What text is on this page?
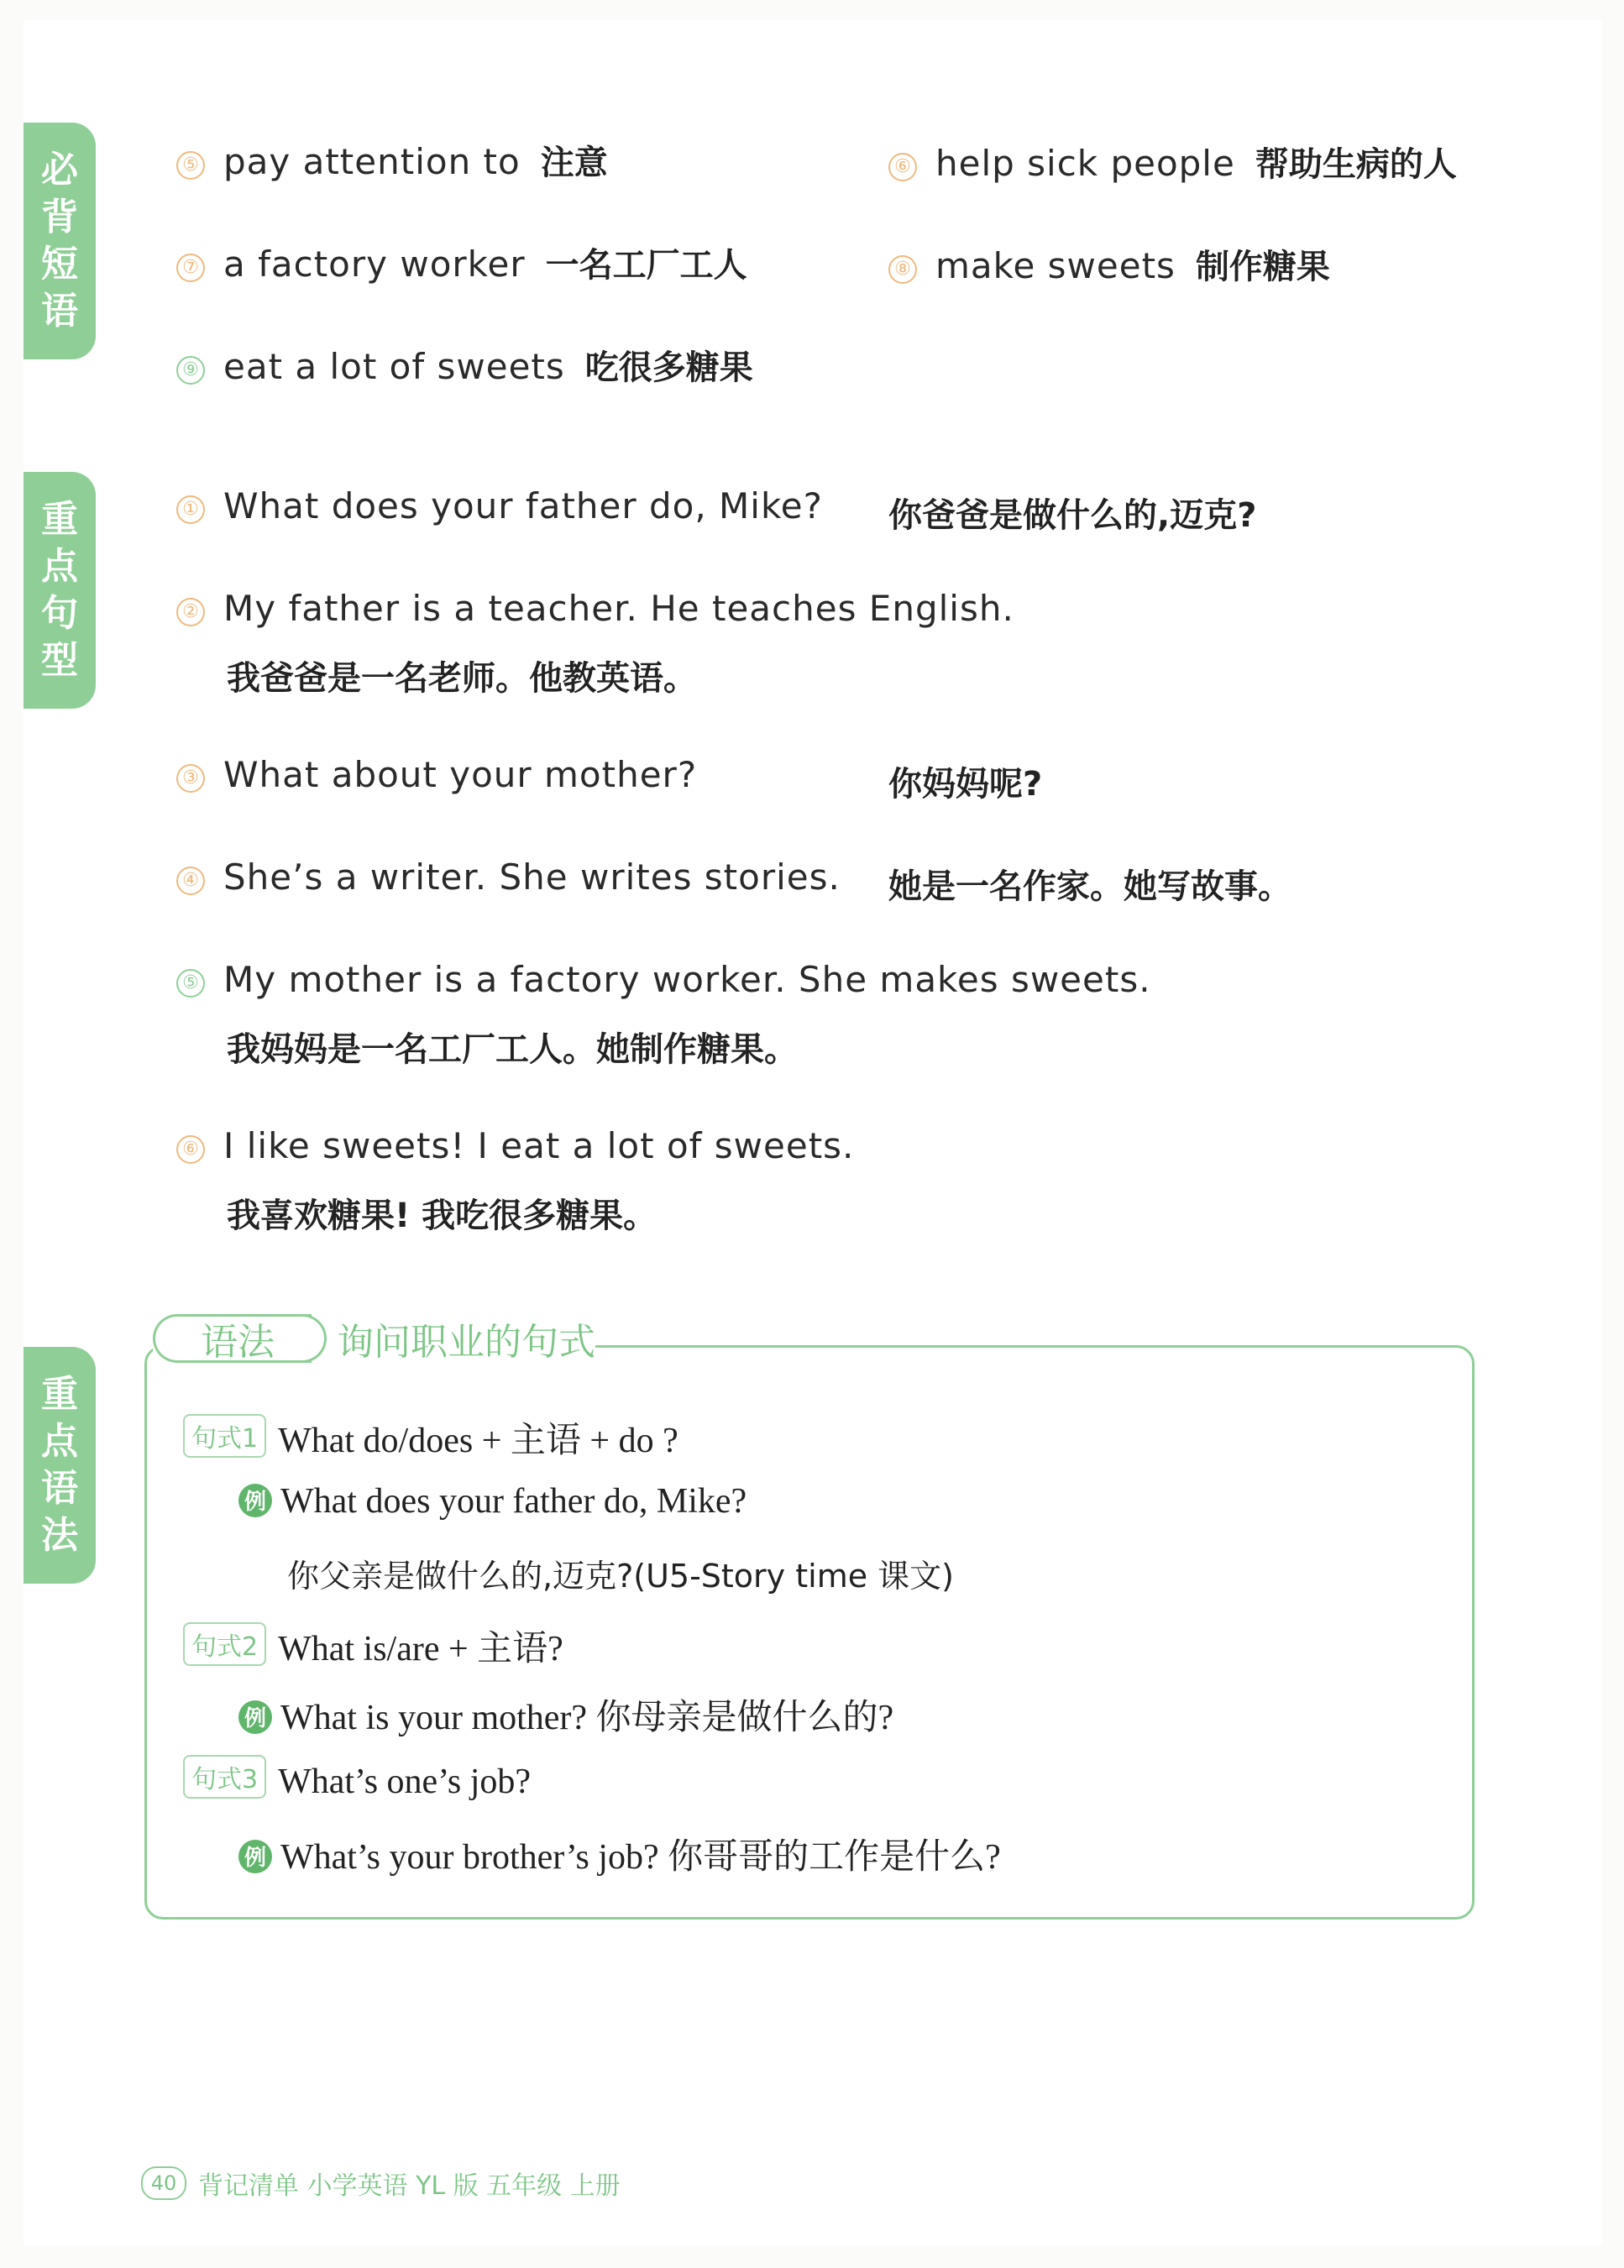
必
背
短
语
重
点
句
型
重
点
语
法
⑤ pay attention to 注意	⑥ help sick people 帮助生病的人
⑦ a factory worker 一名工厂工人	⑧ make sweets 制作糖果
⑨ eat a lot of sweets 吃很多糖果
① What does your father do, Mike? 你爸爸是做什么的,迈克?
② My father is a teacher. He teaches English.
我爸爸是一名老师。他教英语。
③ What about your mother?	你妈妈呢?
④ She’s a writer. She writes stories. 她是一名作家。她写故事。
⑤ My mother is a factory worker. She makes sweets.
我妈妈是一名工厂工人。她制作糖果。
⑥ I like sweets! I eat a lot of sweets.
我喜欢糖果! 我吃很多糖果。
语法	询问职业的句式
句式1 What do/does + 主语 + do ?
例 What does your father do, Mike?
你父亲是做什么的,迈克?(U5-Story time 课文)
句式2 What is/are + 主语?
例 What is your mother? 你母亲是做什么的?
句式3 What’s one’s job?
例 What’s your brother’s job? 你哥哥的工作是什么?
40 背记清单 小学英语 YL 版 五年级 上册
